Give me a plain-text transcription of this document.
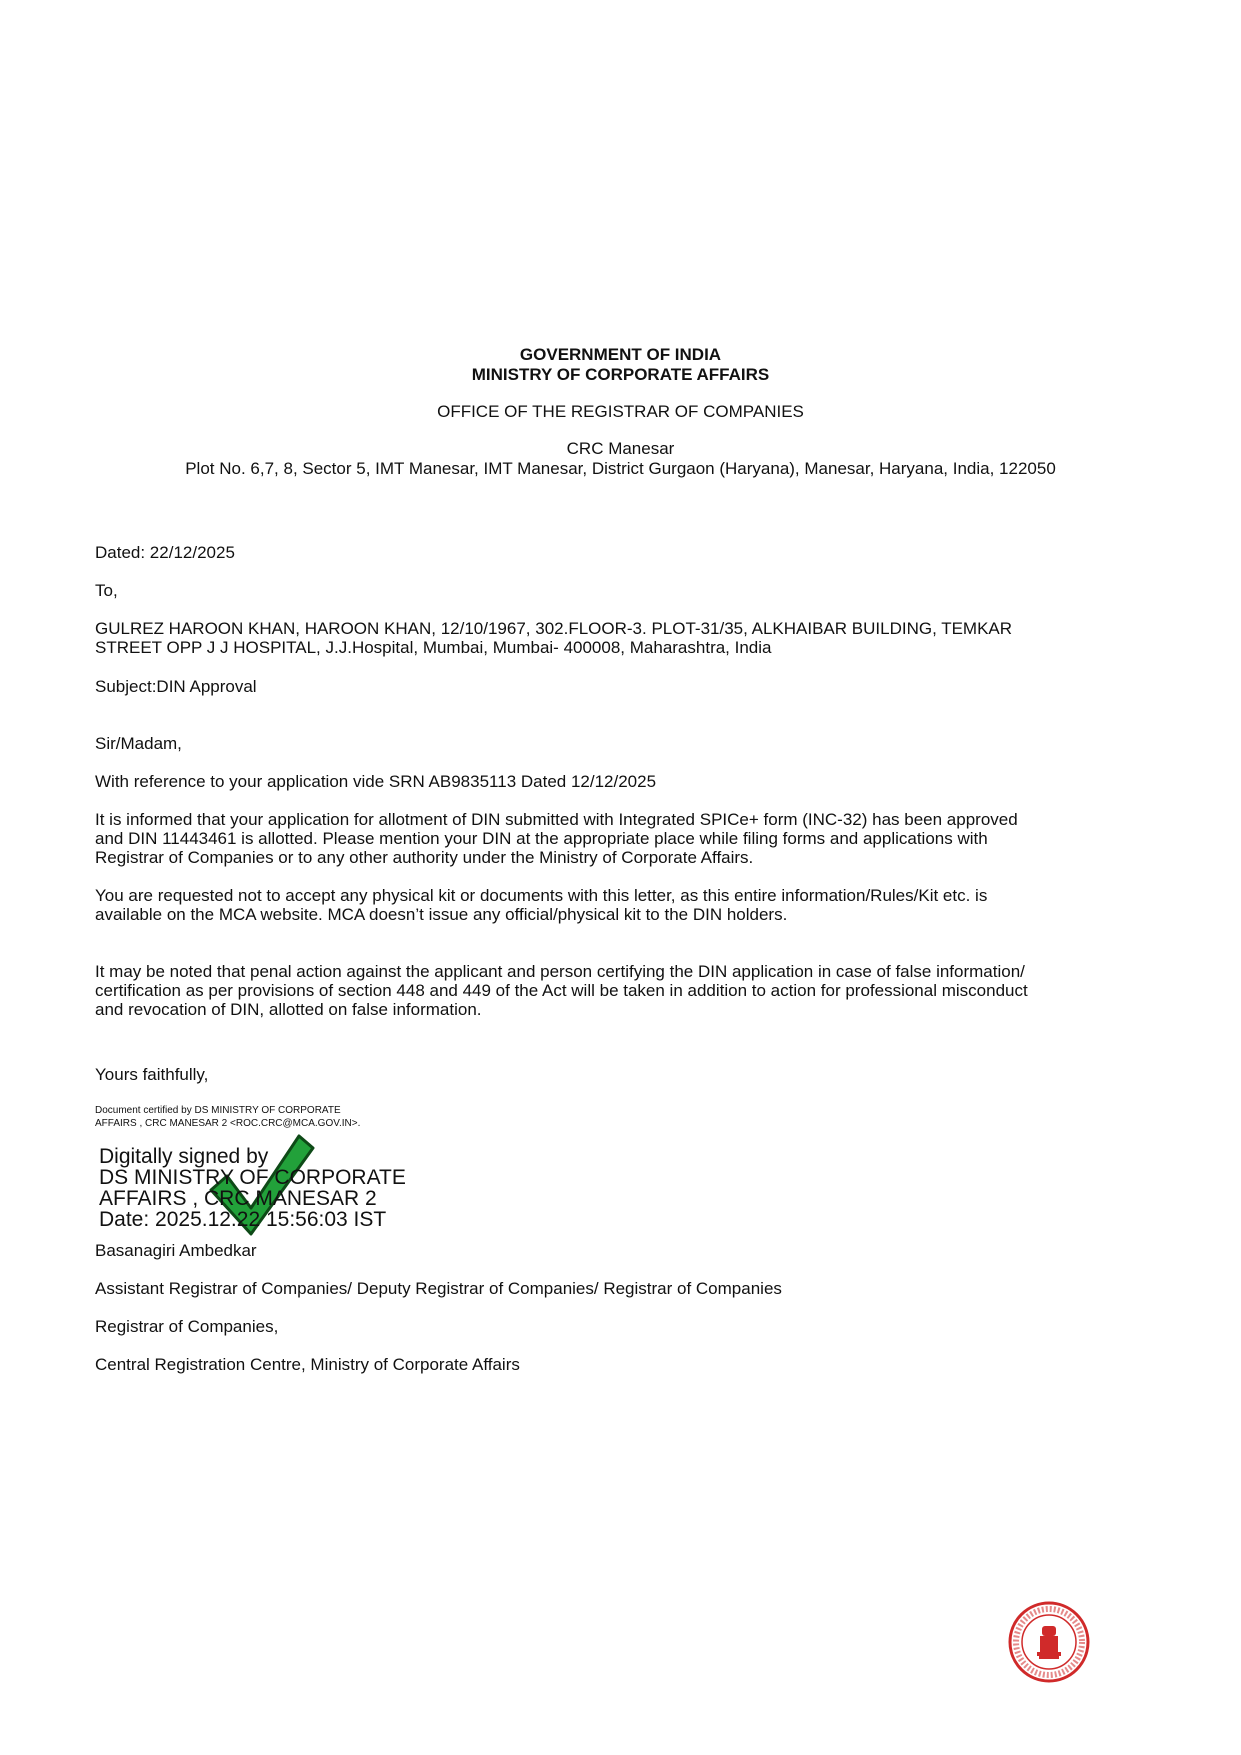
GOVERNMENT OF INDIA
MINISTRY OF CORPORATE AFFAIRS
OFFICE OF THE REGISTRAR OF COMPANIES
CRC Manesar
Plot No. 6,7, 8, Sector 5, IMT Manesar, IMT Manesar, District Gurgaon (Haryana), Manesar, Haryana, India, 122050
Dated: 22/12/2025
To,
GULREZ HAROON KHAN, HAROON KHAN, 12/10/1967, 302.FLOOR-3. PLOT-31/35, ALKHAIBAR BUILDING, TEMKAR
STREET OPP J J HOSPITAL, J.J.Hospital, Mumbai, Mumbai- 400008, Maharashtra, India
Subject:DIN Approval
Sir/Madam,
With reference to your application vide SRN AB9835113 Dated 12/12/2025
It is informed that your application for allotment of DIN submitted with Integrated SPICe+ form (INC-32) has been approved
and DIN 11443461 is allotted. Please mention your DIN at the appropriate place while filing forms and applications with
Registrar of Companies or to any other authority under the Ministry of Corporate Affairs.
You are requested not to accept any physical kit or documents with this letter, as this entire information/Rules/Kit etc. is
available on the MCA website. MCA doesn’t issue any official/physical kit to the DIN holders.
It may be noted that penal action against the applicant and person certifying the DIN application in case of false information/
certification as per provisions of section 448 and 449 of the Act will be taken in addition to action for professional misconduct
and revocation of DIN, allotted on false information.
Yours faithfully,
Document certified by DS MINISTRY OF CORPORATE
AFFAIRS , CRC MANESAR 2 <ROC.CRC@MCA.GOV.IN>.
Digitally signed by
DS MINISTRY OF CORPORATE
AFFAIRS , CRC MANESAR 2
Date: 2025.12.22 15:56:03 IST
Basanagiri Ambedkar
Assistant Registrar of Companies/ Deputy Registrar of Companies/ Registrar of Companies
Registrar of Companies,
Central Registration Centre, Ministry of Corporate Affairs
